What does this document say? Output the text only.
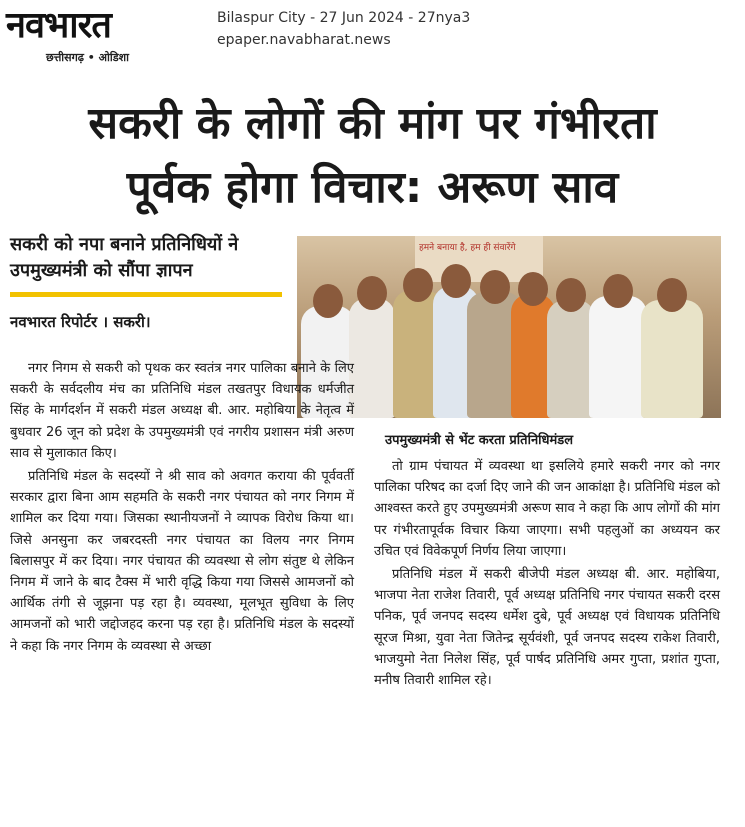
नवभारत
छत्तीसगढ़ • ओडिशा
Bilaspur City - 27 Jun 2024 - 27nya3
epaper.navabharat.news
सकरी के लोगों की मांग पर गंभीरता
पूर्वक होगा विचार: अरूण साव
सकरी को नपा बनाने प्रतिनिधियों ने उपमुख्यमंत्री को सौंपा ज्ञापन
नवभारत रिपोर्टर । सकरी।
हमने बनाया है, हम ही संवारेंगे
उपमुख्यमंत्री से भेंट करता प्रतिनिधिमंडल

नगर निगम से सकरी को पृथक कर स्वतंत्र नगर पालिका बनाने के लिए सकरी के सर्वदलीय मंच का प्रतिनिधि मंडल तखतपुर विधायक धर्मजीत सिंह के मार्गदर्शन में सकरी मंडल अध्यक्ष बी. आर. महोबिया के नेतृत्व में बुधवार 26 जून को प्रदेश के उपमुख्यमंत्री एवं नगरीय प्रशासन मंत्री अरुण साव से मुलाकात किए।

प्रतिनिधि मंडल के सदस्यों ने श्री साव को अवगत कराया की पूर्ववर्ती सरकार द्वारा बिना आम सहमति के सकरी नगर पंचायत को नगर निगम में शामिल कर दिया गया। जिसका स्थानीयजनों ने व्यापक विरोध किया था। जिसे अनसुना कर जबरदस्ती नगर पंचायत का विलय नगर निगम बिलासपुर में कर दिया। नगर पंचायत की व्यवस्था से लोग संतुष्ट थे लेकिन निगम में जाने के बाद टैक्स में भारी वृद्धि किया गया जिससे आमजनों को आर्थिक तंगी से जूझना पड़ रहा है। व्यवस्था, मूलभूत सुविधा के लिए आमजनों को भारी जद्दोजहद करना पड़ रहा है। प्रतिनिधि मंडल के सदस्यों ने कहा कि नगर निगम के व्यवस्था से अच्छा

तो ग्राम पंचायत में व्यवस्था था इसलिये हमारे सकरी नगर को नगर पालिका परिषद का दर्जा दिए जाने की जन आकांक्षा है। प्रतिनिधि मंडल को आश्वस्त करते हुए उपमुख्यमंत्री अरूण साव ने कहा कि आप लोगों की मांग पर गंभीरतापूर्वक विचार किया जाएगा। सभी पहलुओं का अध्ययन कर उचित एवं विवेकपूर्ण निर्णय लिया जाएगा।

प्रतिनिधि मंडल में सकरी बीजेपी मंडल अध्यक्ष बी. आर. महोबिया, भाजपा नेता राजेश तिवारी, पूर्व अध्यक्ष प्रतिनिधि नगर पंचायत सकरी दरस पनिक, पूर्व जनपद सदस्य धर्मेश दुबे, पूर्व अध्यक्ष एवं विधायक प्रतिनिधि सूरज मिश्रा, युवा नेता जितेन्द्र सूर्यवंशी, पूर्व जनपद सदस्य राकेश तिवारी, भाजयुमो नेता निलेश सिंह, पूर्व पार्षद प्रतिनिधि अमर गुप्ता, प्रशांत गुप्ता, मनीष तिवारी शामिल रहे।
